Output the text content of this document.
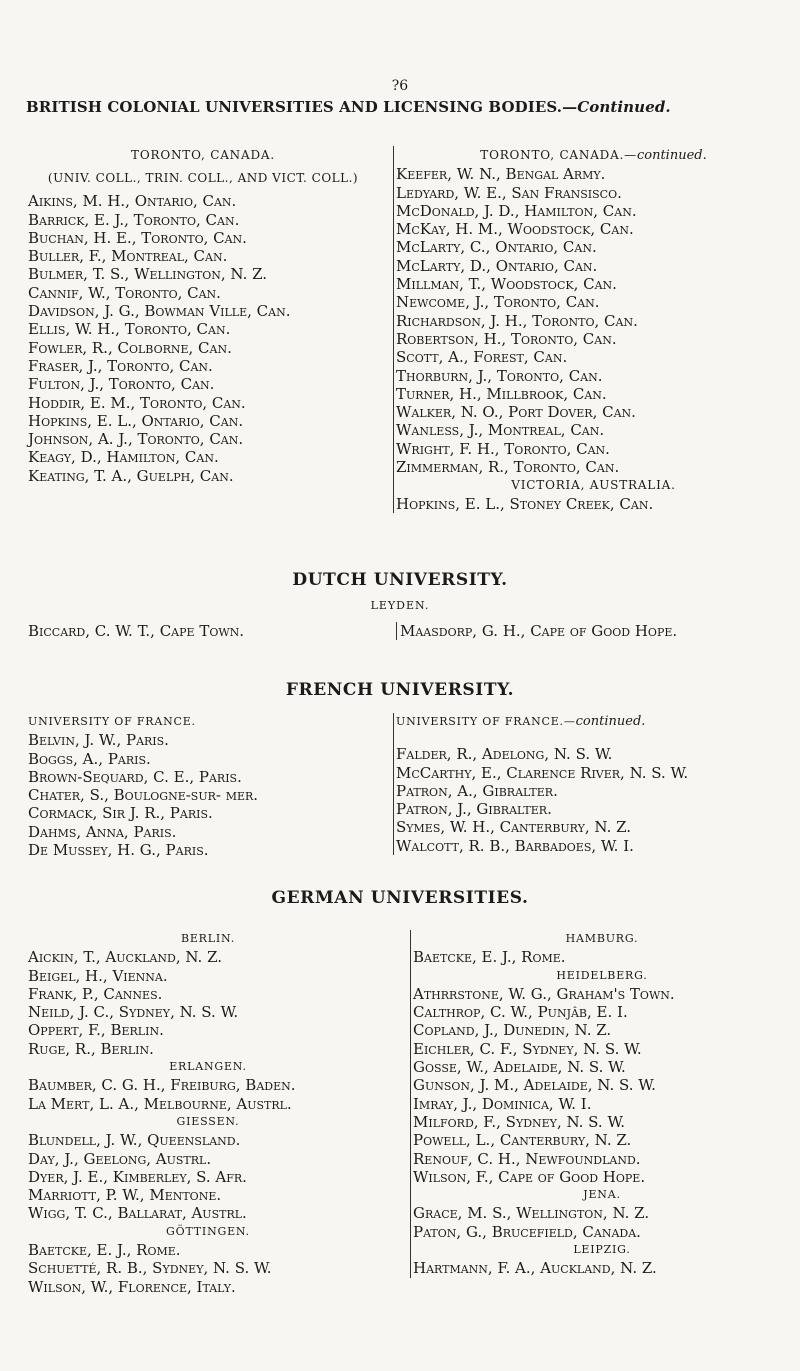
?6
BRITISH COLONIAL UNIVERSITIES AND LICENSING BODIES.—Continued.
TORONTO, CANADA.
(UNIV. COLL., TRIN. COLL., AND VICT. COLL.)
Aikins, M. H., Ontario, Can.
Barrick, E. J., Toronto, Can.
Buchan, H. E., Toronto, Can.
Buller, F., Montreal, Can.
Bulmer, T. S., Wellington, N. Z.
Cannif, W., Toronto, Can.
Davidson, J. G., Bowman Ville, Can.
Ellis, W. H., Toronto, Can.
Fowler, R., Colborne, Can.
Fraser, J., Toronto, Can.
Fulton, J., Toronto, Can.
Hoddir, E. M., Toronto, Can.
Hopkins, E. L., Ontario, Can.
Johnson, A. J., Toronto, Can.
Keagy, D., Hamilton, Can.
Keating, T. A., Guelph, Can.
TORONTO, CANADA.—continued.
Keefer, W. N., Bengal Army.
Ledyard, W. E., San Fransisco.
McDonald, J. D., Hamilton, Can.
McKay, H. M., Woodstock, Can.
McLarty, C., Ontario, Can.
McLarty, D., Ontario, Can.
Millman, T., Woodstock, Can.
Newcome, J., Toronto, Can.
Richardson, J. H., Toronto, Can.
Robertson, H., Toronto, Can.
Scott, A., Forest, Can.
Thorburn, J., Toronto, Can.
Turner, H., Millbrook, Can.
Walker, N. O., Port Dover, Can.
Wanless, J., Montreal, Can.
Wright, F. H., Toronto, Can.
Zimmerman, R., Toronto, Can.
VICTORIA, AUSTRALIA.
Hopkins, E. L., Stoney Creek, Can.
DUTCH UNIVERSITY.
LEYDEN.
Biccard, C. W. T., Cape Town.	Maasdorp, G. H., Cape of Good Hope.
FRENCH UNIVERSITY.
UNIVERSITY OF FRANCE.
Belvin, J. W., Paris.
Boggs, A., Paris.
Brown-Sequard, C. E., Paris.
Chater, S., Boulogne-sur- mer.
Cormack, Sir J. R., Paris.
Dahms, Anna, Paris.
De Mussey, H. G., Paris.
UNIVERSITY OF FRANCE.—continued.
Falder, R., Adelong, N. S. W.
McCarthy, E., Clarence River, N. S. W.
Patron, A., Gibralter.
Patron, J., Gibralter.
Symes, W. H., Canterbury, N. Z.
Walcott, R. B., Barbadoes, W. I.
GERMAN UNIVERSITIES.
BERLIN.
Aickin, T., Auckland, N. Z.
Beigel, H., Vienna.
Frank, P., Cannes.
Neild, J. C., Sydney, N. S. W.
Oppert, F., Berlin.
Ruge, R., Berlin.
ERLANGEN.
Baumber, C. G. H., Freiburg, Baden.
La Mert, L. A., Melbourne, Austrl.
GIESSEN.
Blundell, J. W., Queensland.
Day, J., Geelong, Austrl.
Dyer, J. E., Kimberley, S. Afr.
Marriott, P. W., Mentone.
Wigg, T. C., Ballarat, Austrl.
GÖTTINGEN.
Baetcke, E. J., Rome.
Schuetté, R. B., Sydney, N. S. W.
Wilson, W., Florence, Italy.
HAMBURG.
Baetcke, E. J., Rome.
HEIDELBERG.
Athrrstone, W. G., Graham's Town.
Calthrop, C. W., Punjâb, E. I.
Copland, J., Dunedin, N. Z.
Eichler, C. F., Sydney, N. S. W.
Gosse, W., Adelaide, N. S. W.
Gunson, J. M., Adelaide, N. S. W.
Imray, J., Dominica, W. I.
Milford, F., Sydney, N. S. W.
Powell, L., Canterbury, N. Z.
Renouf, C. H., Newfoundland.
Wilson, F., Cape of Good Hope.
JENA.
Grace, M. S., Wellington, N. Z.
Paton, G., Brucefield, Canada.
LEIPZIG.
Hartmann, F. A., Auckland, N. Z.
